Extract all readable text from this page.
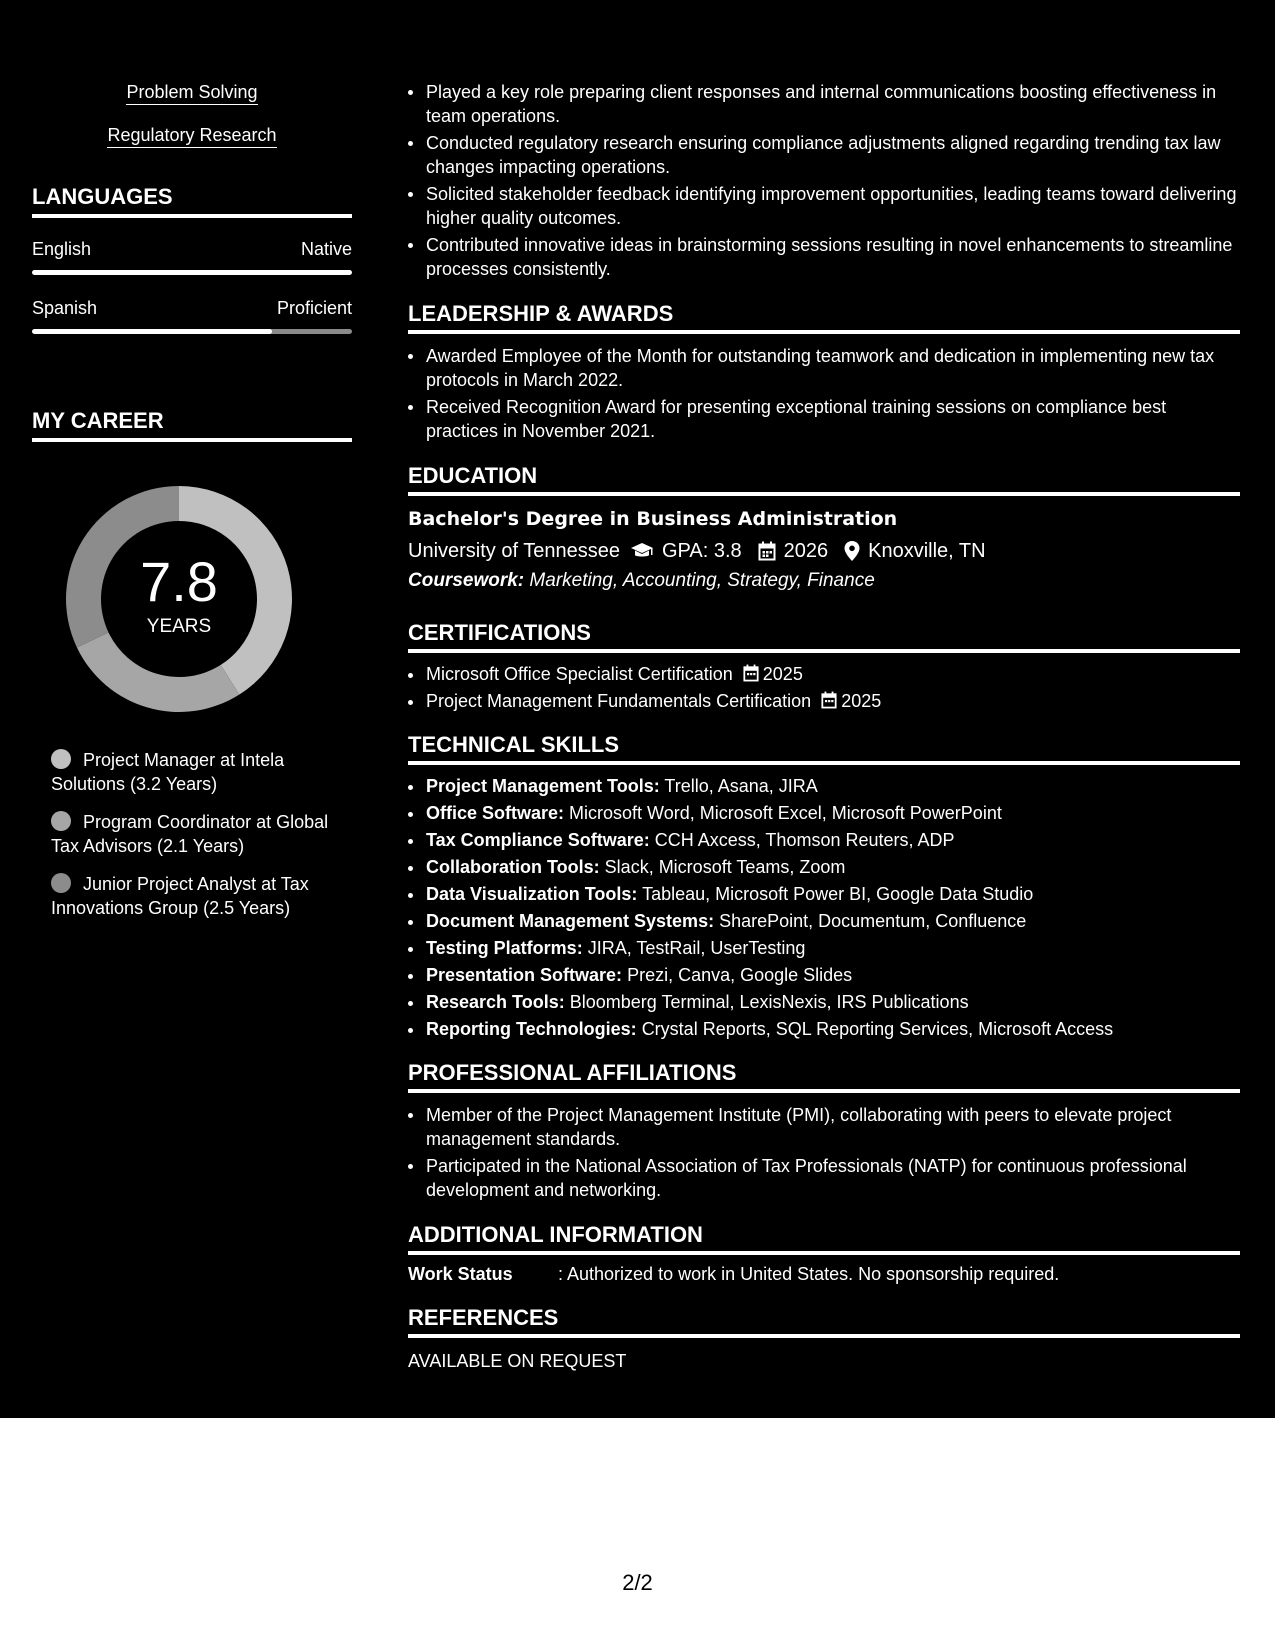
Problem Solving
Regulatory Research
LANGUAGES
English	Native
Spanish	Proficient
MY CAREER
7.8
YEARS
Project Manager at Intela Solutions (3.2 Years)
Program Coordinator at Global Tax Advisors (2.1 Years)
Junior Project Analyst at Tax Innovations Group (2.5 Years)
Played a key role preparing client responses and internal communications boosting effectiveness in team operations.
Conducted regulatory research ensuring compliance adjustments aligned regarding trending tax law changes impacting operations.
Solicited stakeholder feedback identifying improvement opportunities, leading teams toward delivering higher quality outcomes.
Contributed innovative ideas in brainstorming sessions resulting in novel enhancements to streamline processes consistently.
LEADERSHIP & AWARDS
Awarded Employee of the Month for outstanding teamwork and dedication in implementing new tax protocols in March 2022.
Received Recognition Award for presenting exceptional training sessions on compliance best practices in November 2021.
EDUCATION
Bachelor's Degree in Business Administration
University of Tennessee GPA: 3.8 2026 Knoxville, TN
Coursework: Marketing, Accounting, Strategy, Finance
CERTIFICATIONS
Microsoft Office Specialist Certification 2025
Project Management Fundamentals Certification 2025
TECHNICAL SKILLS
Project Management Tools: Trello, Asana, JIRA
Office Software: Microsoft Word, Microsoft Excel, Microsoft PowerPoint
Tax Compliance Software: CCH Axcess, Thomson Reuters, ADP
Collaboration Tools: Slack, Microsoft Teams, Zoom
Data Visualization Tools: Tableau, Microsoft Power BI, Google Data Studio
Document Management Systems: SharePoint, Documentum, Confluence
Testing Platforms: JIRA, TestRail, UserTesting
Presentation Software: Prezi, Canva, Google Slides
Research Tools: Bloomberg Terminal, LexisNexis, IRS Publications
Reporting Technologies: Crystal Reports, SQL Reporting Services, Microsoft Access
PROFESSIONAL AFFILIATIONS
Member of the Project Management Institute (PMI), collaborating with peers to elevate project management standards.
Participated in the National Association of Tax Professionals (NATP) for continuous professional development and networking.
ADDITIONAL INFORMATION
Work Status	: Authorized to work in United States. No sponsorship required.
REFERENCES
AVAILABLE ON REQUEST
2/2
